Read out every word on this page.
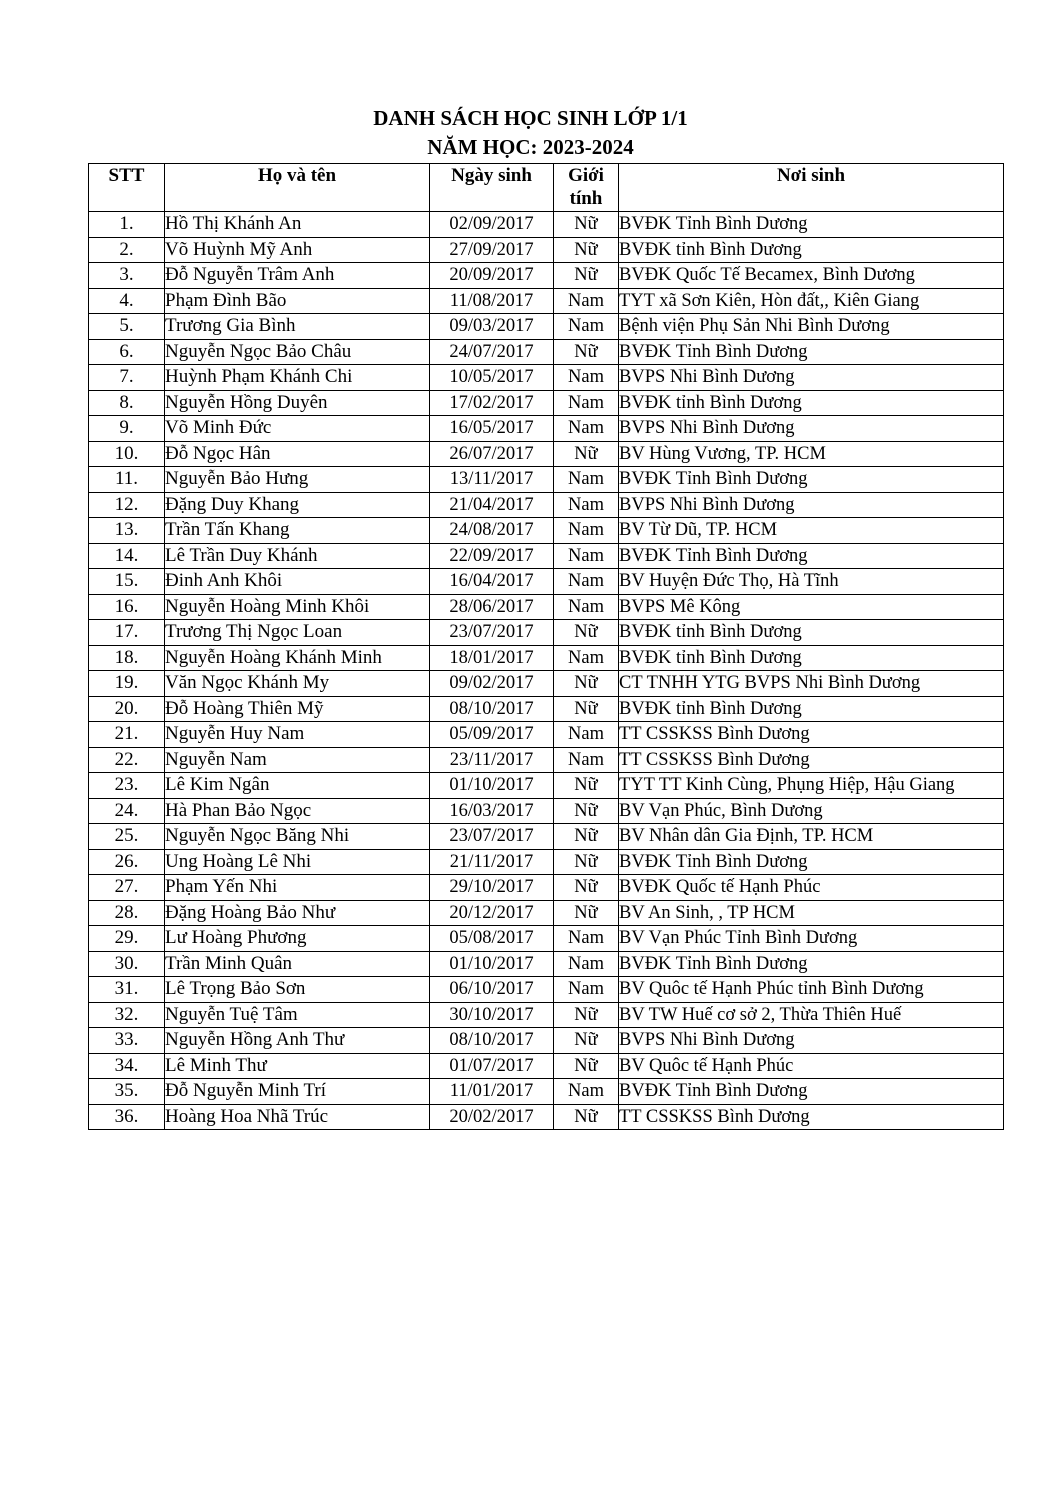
DANH SÁCH HỌC SINH LỚP 1/1

NĂM HỌC: 2023-2024

STT	Họ và tên	Ngày sinh	Giới tính	Nơi sinh
1.	Hồ Thị Khánh An	02/09/2017	Nữ	BVĐK Tỉnh Bình Dương
2.	Võ Huỳnh Mỹ Anh	27/09/2017	Nữ	BVĐK tỉnh Bình Dương
3.	Đỗ Nguyễn Trâm Anh	20/09/2017	Nữ	BVĐK Quốc Tế Becamex, Bình Dương
4.	Phạm Đình Bão	11/08/2017	Nam	TYT xã Sơn Kiên, Hòn đất,, Kiên Giang
5.	Trương Gia Bình	09/03/2017	Nam	Bệnh viện Phụ Sản Nhi Bình Dương
6.	Nguyễn Ngọc Bảo Châu	24/07/2017	Nữ	BVĐK Tỉnh Bình Dương
7.	Huỳnh Phạm Khánh Chi	10/05/2017	Nam	BVPS Nhi Bình Dương
8.	Nguyễn Hồng Duyên	17/02/2017	Nam	BVĐK tỉnh Bình Dương
9.	Võ Minh Đức	16/05/2017	Nam	BVPS Nhi Bình Dương
10.	Đỗ Ngọc Hân	26/07/2017	Nữ	BV Hùng Vương, TP. HCM
11.	Nguyễn Bảo Hưng	13/11/2017	Nam	BVĐK Tỉnh Bình Dương
12.	Đặng Duy Khang	21/04/2017	Nam	BVPS Nhi Bình Dương
13.	Trần Tấn Khang	24/08/2017	Nam	BV Từ Dũ, TP. HCM
14.	Lê Trần Duy Khánh	22/09/2017	Nam	BVĐK Tỉnh Bình Dương
15.	Đinh Anh Khôi	16/04/2017	Nam	BV Huyện Đức Thọ, Hà Tĩnh
16.	Nguyễn Hoàng Minh Khôi	28/06/2017	Nam	BVPS Mê Kông
17.	Trương Thị Ngọc Loan	23/07/2017	Nữ	BVĐK tỉnh Bình Dương
18.	Nguyễn Hoàng Khánh Minh	18/01/2017	Nam	BVĐK tỉnh Bình Dương
19.	Văn Ngọc Khánh My	09/02/2017	Nữ	CT TNHH YTG BVPS Nhi Bình Dương
20.	Đỗ Hoàng Thiên Mỹ	08/10/2017	Nữ	BVĐK tỉnh Bình Dương
21.	Nguyễn Huy Nam	05/09/2017	Nam	TT CSSKSS Bình Dương
22.	Nguyễn Nam	23/11/2017	Nam	TT CSSKSS Bình Dương
23.	Lê Kim Ngân	01/10/2017	Nữ	TYT TT Kinh Cùng, Phụng Hiệp, Hậu Giang
24.	Hà Phan Bảo Ngọc	16/03/2017	Nữ	BV Vạn Phúc, Bình Dương
25.	Nguyễn Ngọc Băng Nhi	23/07/2017	Nữ	BV Nhân dân Gia Định, TP. HCM
26.	Ung Hoàng Lê Nhi	21/11/2017	Nữ	BVĐK Tỉnh Bình Dương
27.	Phạm Yến Nhi	29/10/2017	Nữ	BVĐK Quốc tế Hạnh Phúc
28.	Đặng Hoàng Bảo Như	20/12/2017	Nữ	BV An Sinh, , TP HCM
29.	Lư Hoàng Phương	05/08/2017	Nam	BV Vạn Phúc Tỉnh Bình Dương
30.	Trần Minh Quân	01/10/2017	Nam	BVĐK Tỉnh Bình Dương
31.	Lê Trọng Bảo Sơn	06/10/2017	Nam	BV Quôc tế Hạnh Phúc tỉnh Bình Dương
32.	Nguyễn Tuệ Tâm	30/10/2017	Nữ	BV TW Huế cơ sở 2, Thừa Thiên Huế
33.	Nguyễn Hồng Anh Thư	08/10/2017	Nữ	BVPS Nhi Bình Dương
34.	Lê Minh Thư	01/07/2017	Nữ	BV Quôc tế Hạnh Phúc
35.	Đỗ Nguyễn Minh Trí	11/01/2017	Nam	BVĐK Tỉnh Bình Dương
36.	Hoàng Hoa Nhã Trúc	20/02/2017	Nữ	TT CSSKSS Bình Dương
